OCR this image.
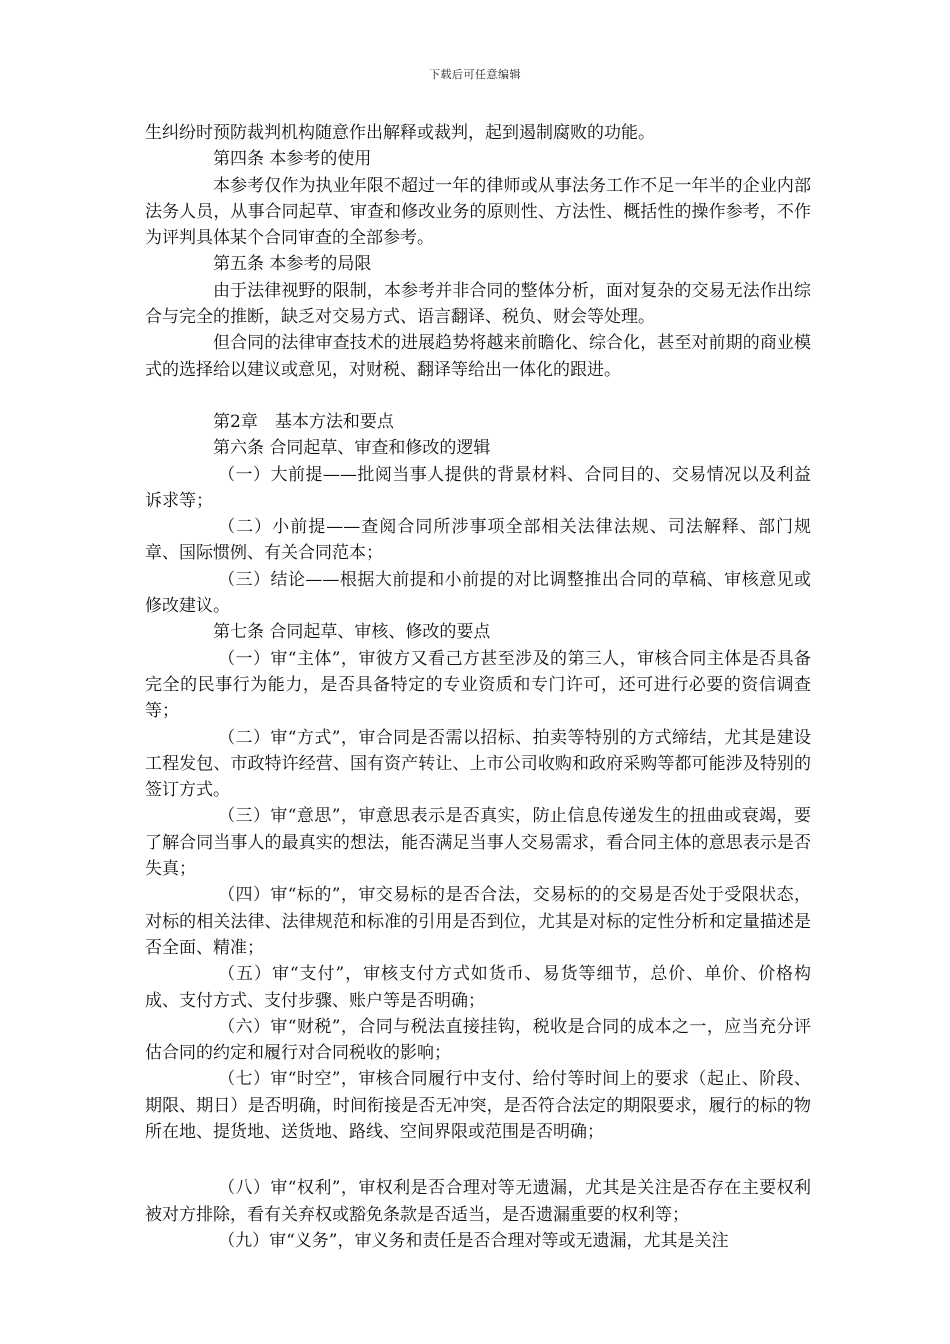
下载后可任意编辑

生纠纷时预防裁判机构随意作出解释或裁判，起到遏制腐败的功能。

第四条 本参考的使用

本参考仅作为执业年限不超过一年的律师或从事法务工作不足一年半的企业内部法务人员，从事合同起草、审查和修改业务的原则性、方法性、概括性的操作参考，不作为评判具体某个合同审查的全部参考。

第五条 本参考的局限

由于法律视野的限制，本参考并非合同的整体分析，面对复杂的交易无法作出综合与完全的推断，缺乏对交易方式、语言翻译、税负、财会等处理。

但合同的法律审查技术的进展趋势将越来前瞻化、综合化，甚至对前期的商业模式的选择给以建议或意见，对财税、翻译等给出一体化的跟进。

第2章　基本方法和要点

第六条 合同起草、审查和修改的逻辑

（一）大前提——批阅当事人提供的背景材料、合同目的、交易情况以及利益诉求等；

（二）小前提——查阅合同所涉事项全部相关法律法规、司法解释、部门规章、国际惯例、有关合同范本；

（三）结论——根据大前提和小前提的对比调整推出合同的草稿、审核意见或修改建议。

第七条 合同起草、审核、修改的要点

（一）审“主体”，审彼方又看己方甚至涉及的第三人，审核合同主体是否具备完全的民事行为能力，是否具备特定的专业资质和专门许可，还可进行必要的资信调查等；

（二）审“方式”，审合同是否需以招标、拍卖等特别的方式缔结，尤其是建设工程发包、市政特许经营、国有资产转让、上市公司收购和政府采购等都可能涉及特别的签订方式。

（三）审“意思”，审意思表示是否真实，防止信息传递发生的扭曲或衰竭，要了解合同当事人的最真实的想法，能否满足当事人交易需求，看合同主体的意思表示是否失真；

（四）审“标的”，审交易标的是否合法，交易标的的交易是否处于受限状态，对标的相关法律、法律规范和标准的引用是否到位，尤其是对标的定性分析和定量描述是否全面、精准；

（五）审“支付”，审核支付方式如货币、易货等细节，总价、单价、价格构成、支付方式、支付步骤、账户等是否明确；

（六）审“财税”，合同与税法直接挂钩，税收是合同的成本之一，应当充分评估合同的约定和履行对合同税收的影响；

（七）审“时空”，审核合同履行中支付、给付等时间上的要求（起止、阶段、期限、期日）是否明确，时间衔接是否无冲突，是否符合法定的期限要求，履行的标的物所在地、提货地、送货地、路线、空间界限或范围是否明确；

（八）审“权利”，审权利是否合理对等无遗漏，尤其是关注是否存在主要权利被对方排除，看有关弃权或豁免条款是否适当，是否遗漏重要的权利等；

（九）审“义务”，审义务和责任是否合理对等或无遗漏，尤其是关注
